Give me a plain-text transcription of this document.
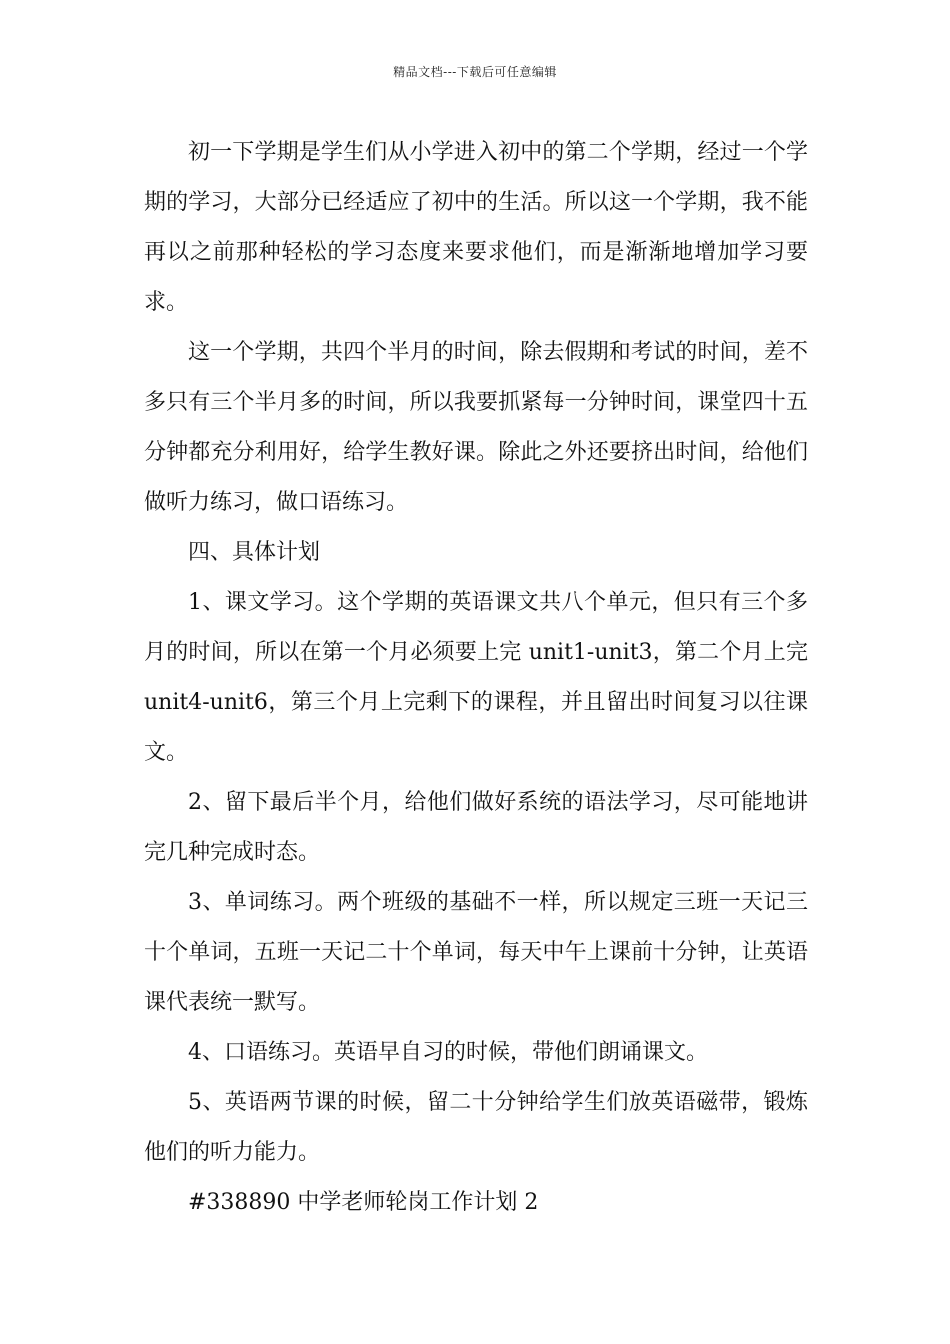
精品文档---下载后可任意编辑

初一下学期是学生们从小学进入初中的第二个学期，经过一个学期的学习，大部分已经适应了初中的生活。所以这一个学期，我不能再以之前那种轻松的学习态度来要求他们，而是渐渐地增加学习要求。

这一个学期，共四个半月的时间，除去假期和考试的时间，差不多只有三个半月多的时间，所以我要抓紧每一分钟时间，课堂四十五分钟都充分利用好，给学生教好课。除此之外还要挤出时间，给他们做听力练习，做口语练习。

四、具体计划

1、课文学习。这个学期的英语课文共八个单元，但只有三个多月的时间，所以在第一个月必须要上完 unit1-unit3，第二个月上完 unit4-unit6，第三个月上完剩下的课程，并且留出时间复习以往课文。

2、留下最后半个月，给他们做好系统的语法学习，尽可能地讲完几种完成时态。

3、单词练习。两个班级的基础不一样，所以规定三班一天记三十个单词，五班一天记二十个单词，每天中午上课前十分钟，让英语课代表统一默写。

4、口语练习。英语早自习的时候，带他们朗诵课文。

5、英语两节课的时候，留二十分钟给学生们放英语磁带，锻炼他们的听力能力。

#338890 中学老师轮岗工作计划 2
